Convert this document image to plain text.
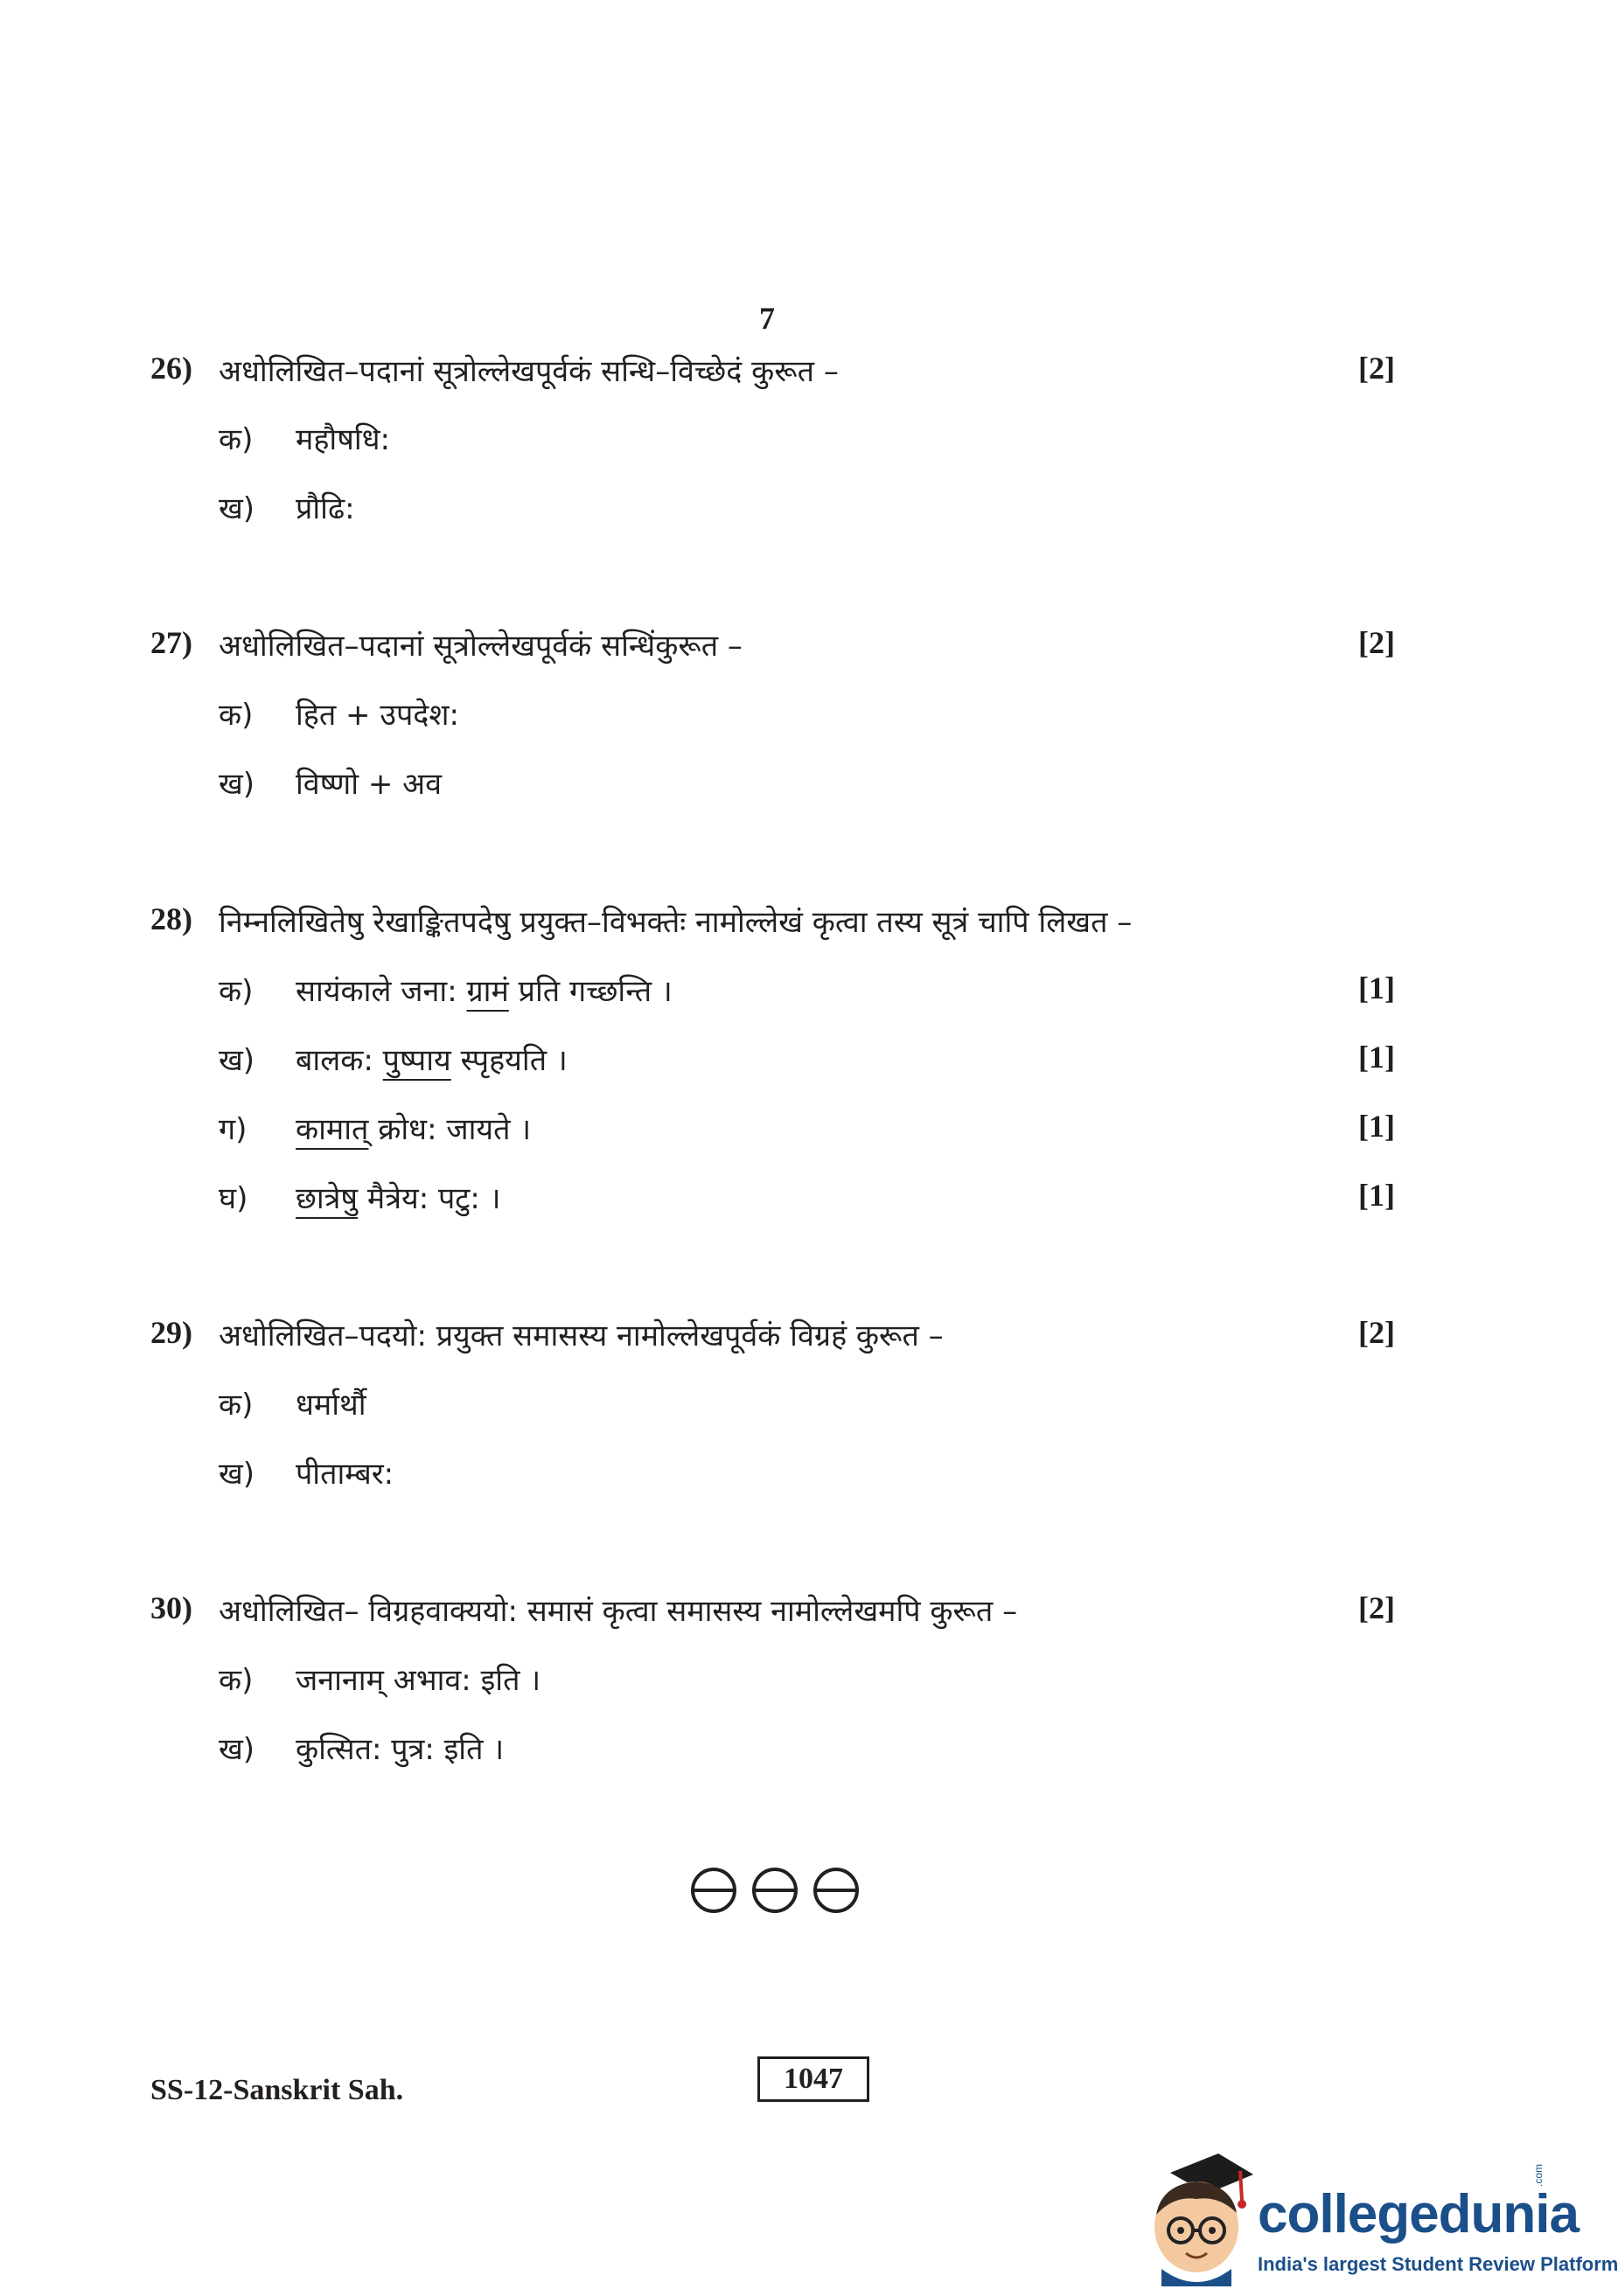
7
26) अधोलिखित–पदानां सूत्रोल्लेखपूर्वकं सन्धि–विच्छेदं कुरूत –	[2]
क) महौषधि:
ख) प्रौढि:
27) अधोलिखित–पदानां सूत्रोल्लेखपूर्वकं सन्धिंकुरूत –	[2]
क) हित + उपदेश:
ख) विष्णो + अव
28) निम्नलिखितेषु रेखाङ्कितपदेषु प्रयुक्त–विभक्तेः नामोल्लेखं कृत्वा तस्य सूत्रं चापि लिखत –
क) सायंकाले जना: ग्रामं प्रति गच्छन्ति ।	[1]
ख) बालक: पुष्पाय स्पृहयति ।	[1]
ग) कामात् क्रोध: जायते ।	[1]
घ) छात्रेषु मैत्रेय: पटु: ।	[1]
29) अधोलिखित–पदयो: प्रयुक्त समासस्य नामोल्लेखपूर्वकं विग्रहं कुरूत –	[2]
क) धर्मार्थौ
ख) पीताम्बर:
30) अधोलिखित– विग्रहवाक्ययो: समासं कृत्वा समासस्य नामोल्लेखमपि कुरूत –	[2]
क) जनानाम् अभाव: इति ।
ख) कुत्सित: पुत्र: इति ।
SS-12-Sanskrit Sah.	1047
collegedunia
.com
India's largest Student Review Platform
